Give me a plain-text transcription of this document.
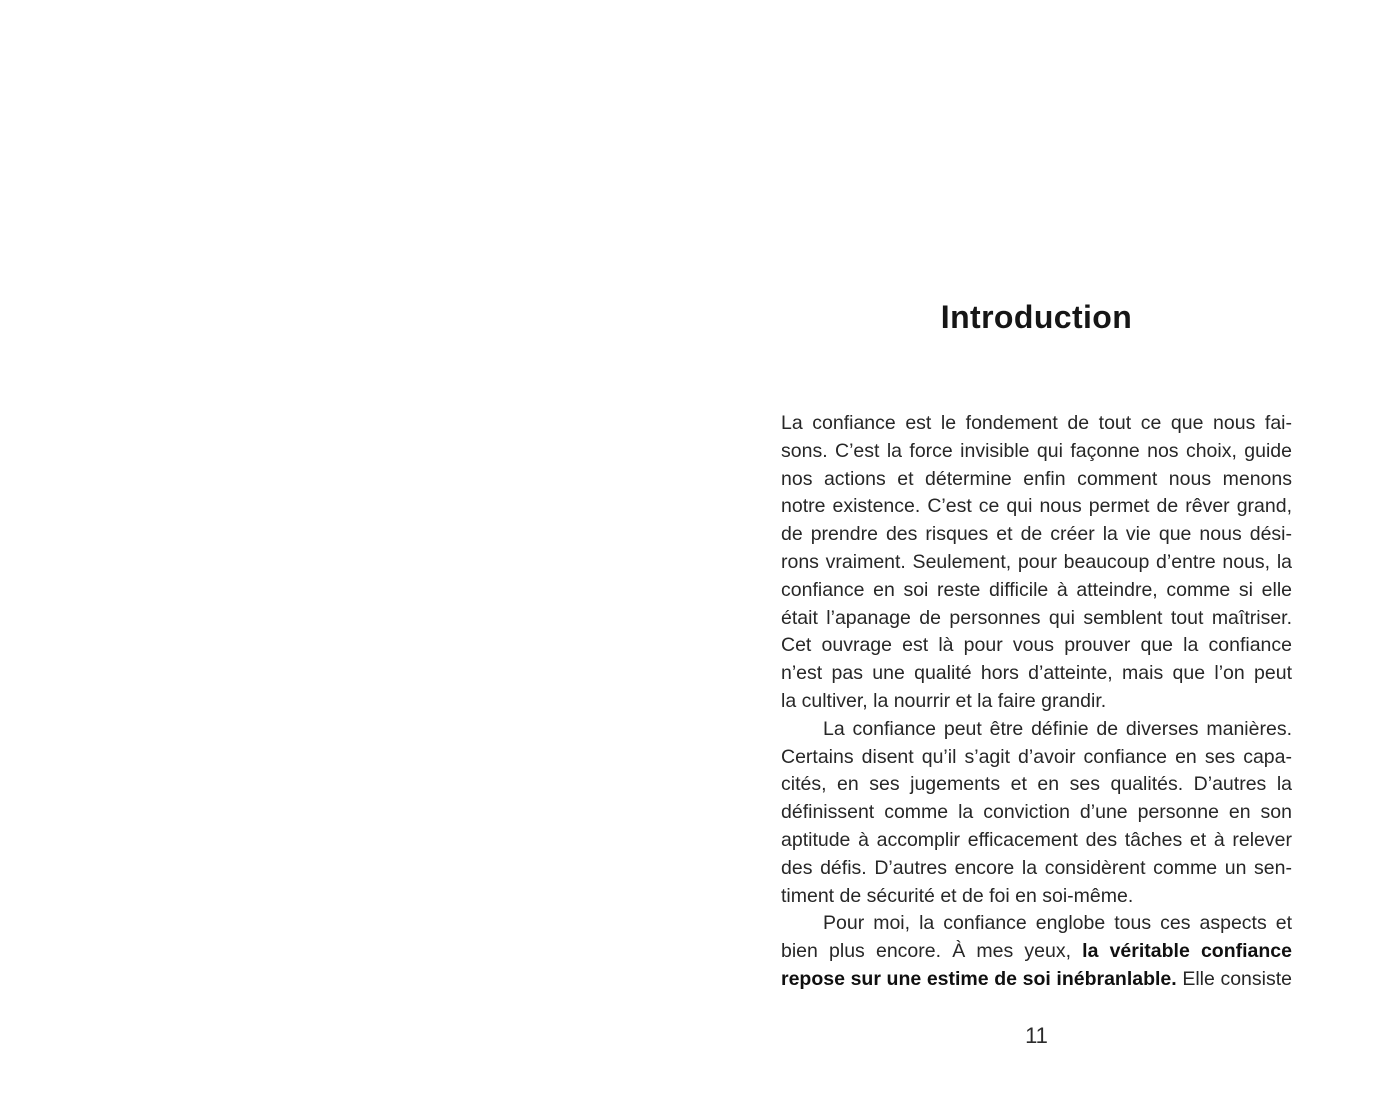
Introduction
La confiance est le fondement de tout ce que nous fai-
sons. C’est la force invisible qui façonne nos choix, guide
nos actions et détermine enfin comment nous menons
notre existence. C’est ce qui nous permet de rêver grand,
de prendre des risques et de créer la vie que nous dési-
rons vraiment. Seulement, pour beaucoup d’entre nous, la
confiance en soi reste difficile à atteindre, comme si elle
était l’apanage de personnes qui semblent tout maîtriser.
Cet ouvrage est là pour vous prouver que la confiance
n’est pas une qualité hors d’atteinte, mais que l’on peut
la cultiver, la nourrir et la faire grandir.
La confiance peut être définie de diverses manières.
Certains disent qu’il s’agit d’avoir confiance en ses capa-
cités, en ses jugements et en ses qualités. D’autres la
définissent comme la conviction d’une personne en son
aptitude à accomplir efficacement des tâches et à relever
des défis. D’autres encore la considèrent comme un sen-
timent de sécurité et de foi en soi-même.
Pour moi, la confiance englobe tous ces aspects et
bien plus encore. À mes yeux, la véritable confiance
repose sur une estime de soi inébranlable. Elle consiste
11
